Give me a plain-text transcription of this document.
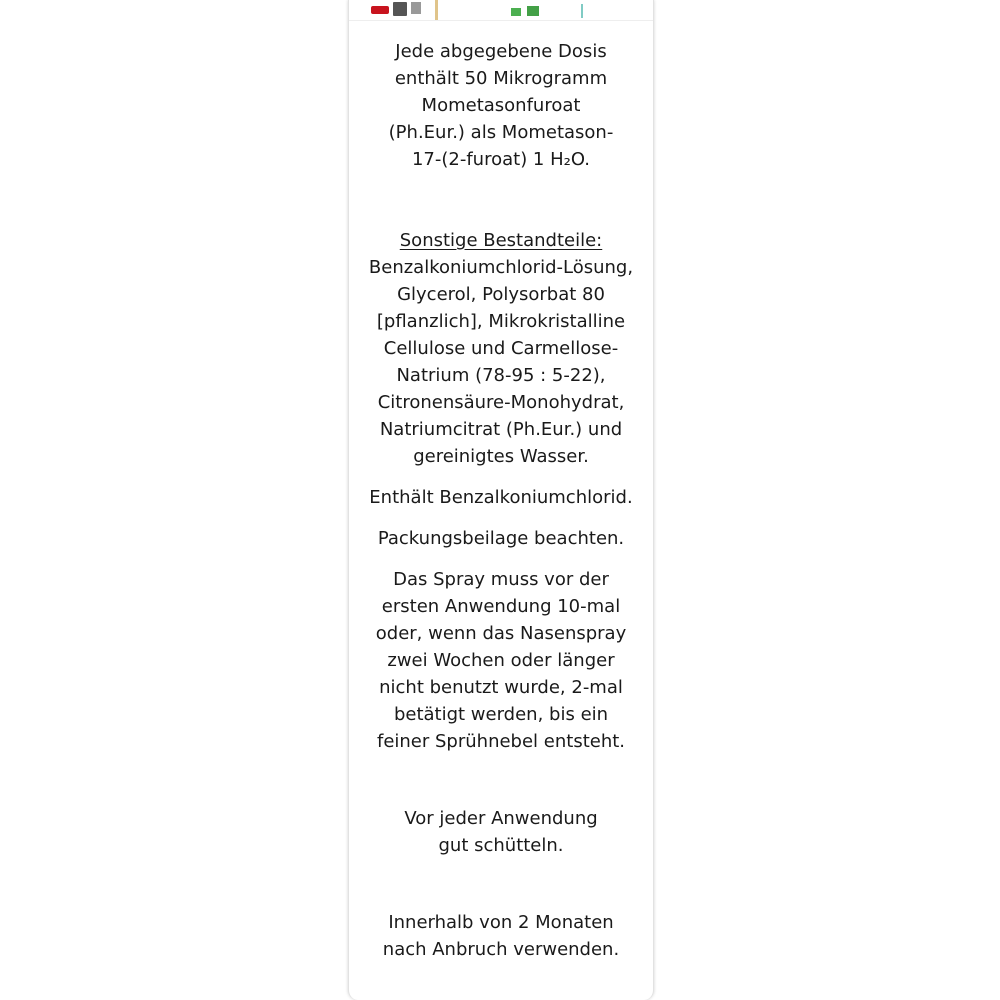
Jede abgegebene Dosis
enthält 50 Mikrogramm
Mometasonfuroat
(Ph.Eur.) als Mometason-
17-(2-furoat) 1 H₂O.
Sonstige Bestandteile:
Benzalkoniumchlorid-Lösung,
Glycerol, Polysorbat 80
[pflanzlich], Mikrokristalline
Cellulose und Carmellose-
Natrium (78-95 : 5-22),
Citronensäure-Monohydrat,
Natriumcitrat (Ph.Eur.) und
gereinigtes Wasser.
Enthält Benzalkoniumchlorid.
Packungsbeilage beachten.
Das Spray muss vor der
ersten Anwendung 10-mal
oder, wenn das Nasenspray
zwei Wochen oder länger
nicht benutzt wurde, 2-mal
betätigt werden, bis ein
feiner Sprühnebel entsteht.
Vor jeder Anwendung
gut schütteln.
Innerhalb von 2 Monaten
nach Anbruch verwenden.
